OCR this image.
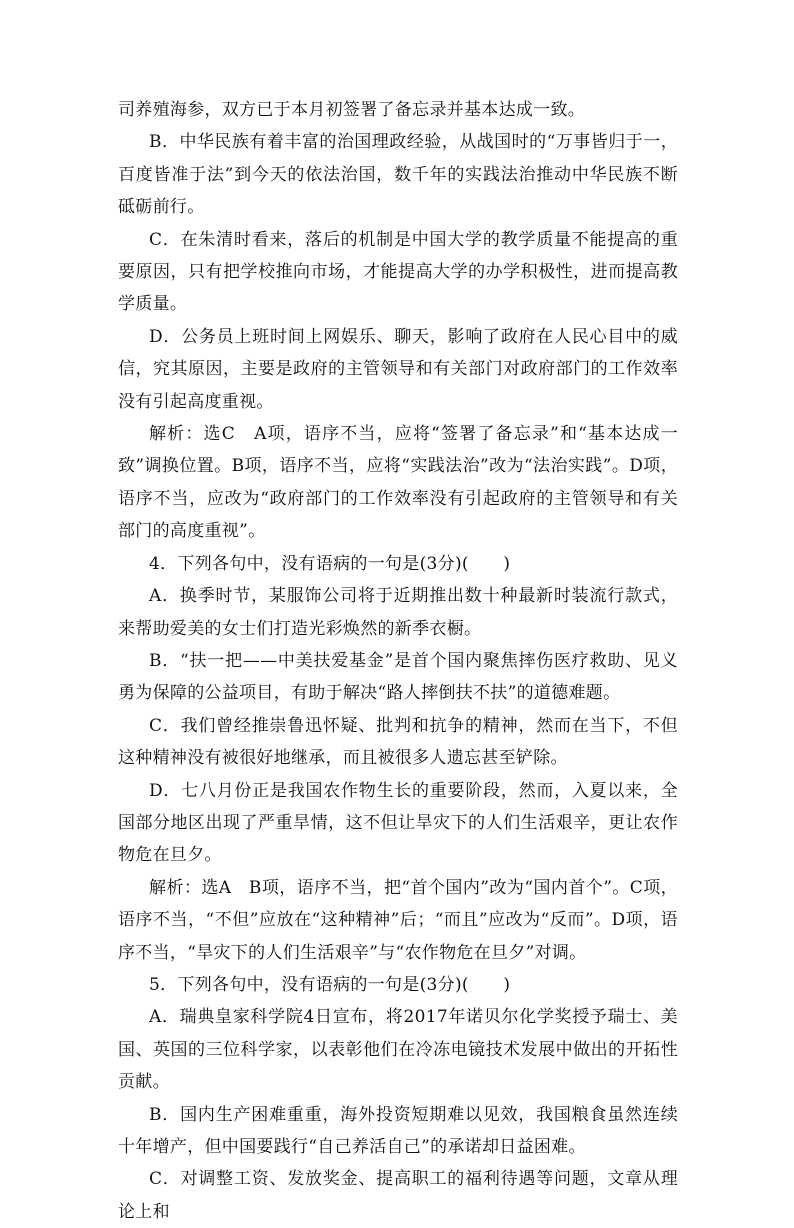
司养殖海参，双方已于本月初签署了备忘录并基本达成一致。

B．中华民族有着丰富的治国理政经验，从战国时的“万事皆归于一，百度皆准于法”到今天的依法治国，数千年的实践法治推动中华民族不断砥砺前行。

C．在朱清时看来，落后的机制是中国大学的教学质量不能提高的重要原因，只有把学校推向市场，才能提高大学的办学积极性，进而提高教学质量。

D．公务员上班时间上网娱乐、聊天，影响了政府在人民心目中的威信，究其原因，主要是政府的主管领导和有关部门对政府部门的工作效率没有引起高度重视。

解析：选C　A项，语序不当，应将“签署了备忘录”和“基本达成一致”调换位置。B项，语序不当，应将“实践法治”改为“法治实践”。D项，语序不当，应改为“政府部门的工作效率没有引起政府的主管领导和有关部门的高度重视”。

4．下列各句中，没有语病的一句是(3分)(　　)

A．换季时节，某服饰公司将于近期推出数十种最新时装流行款式，来帮助爱美的女士们打造光彩焕然的新季衣橱。

B．“扶一把——中美扶爱基金”是首个国内聚焦摔伤医疗救助、见义勇为保障的公益项目，有助于解决“路人摔倒扶不扶”的道德难题。

C．我们曾经推崇鲁迅怀疑、批判和抗争的精神，然而在当下，不但这种精神没有被很好地继承，而且被很多人遗忘甚至铲除。

D．七八月份正是我国农作物生长的重要阶段，然而，入夏以来，全国部分地区出现了严重旱情，这不但让旱灾下的人们生活艰辛，更让农作物危在旦夕。

解析：选A　B项，语序不当，把“首个国内”改为“国内首个”。C项，语序不当，“不但”应放在“这种精神”后；“而且”应改为“反而”。D项，语序不当，“旱灾下的人们生活艰辛”与“农作物危在旦夕”对调。

5．下列各句中，没有语病的一句是(3分)(　　)

A．瑞典皇家科学院4日宣布，将2017年诺贝尔化学奖授予瑞士、美国、英国的三位科学家，以表彰他们在冷冻电镜技术发展中做出的开拓性贡献。

B．国内生产困难重重，海外投资短期难以见效，我国粮食虽然连续十年增产，但中国要践行“自己养活自己”的承诺却日益困难。

C．对调整工资、发放奖金、提高职工的福利待遇等问题，文章从理论上和
